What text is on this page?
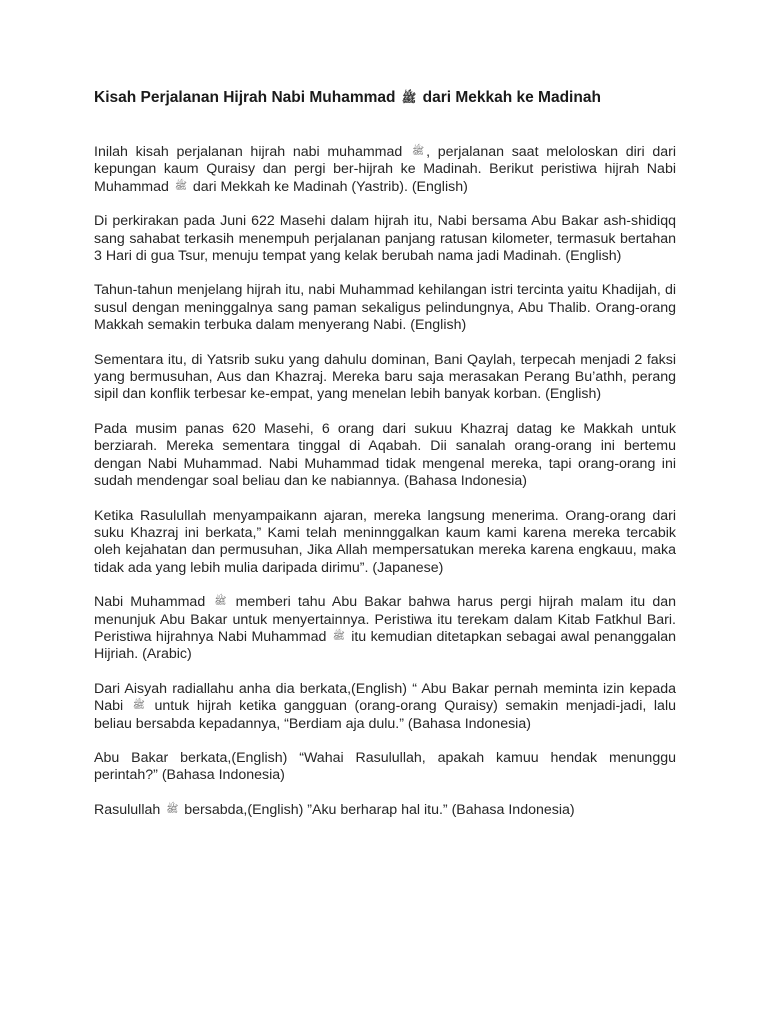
Kisah Perjalanan Hijrah Nabi Muhammad ﷺ dari Mekkah ke Madinah

Inilah kisah perjalanan hijrah nabi muhammad ﷺ , perjalanan saat meloloskan diri dari kepungan kaum Quraisy dan pergi ber-hijrah ke Madinah. Berikut peristiwa hijrah Nabi Muhammad ﷺ dari Mekkah ke Madinah (Yastrib). (English)

Di perkirakan pada Juni 622 Masehi dalam hijrah itu, Nabi bersama Abu Bakar ash-shidiqq sang sahabat terkasih menempuh perjalanan panjang ratusan kilometer, termasuk bertahan 3 Hari di gua Tsur, menuju tempat yang kelak berubah nama jadi Madinah. (English)

Tahun-tahun menjelang hijrah itu, nabi Muhammad kehilangan istri tercinta yaitu Khadijah, di susul dengan meninggalnya sang paman sekaligus pelindungnya, Abu Thalib. Orang-orang Makkah semakin terbuka dalam menyerang Nabi. (English)

Sementara itu, di Yatsrib suku yang dahulu dominan, Bani Qaylah, terpecah menjadi 2 faksi yang bermusuhan, Aus dan Khazraj. Mereka baru saja merasakan Perang Bu’athh, perang sipil dan konflik terbesar ke-empat, yang menelan lebih banyak korban. (English)

Pada musim panas 620 Masehi, 6 orang dari sukuu Khazraj datag ke Makkah untuk berziarah. Mereka sementara tinggal di Aqabah. Dii sanalah orang-orang ini bertemu dengan Nabi Muhammad. Nabi Muhammad tidak mengenal mereka, tapi orang-orang ini sudah mendengar soal beliau dan ke nabiannya. (Bahasa Indonesia)

Ketika Rasulullah menyampaikann ajaran, mereka langsung menerima. Orang-orang dari suku Khazraj ini berkata,” Kami telah meninnggalkan kaum kami karena mereka tercabik oleh kejahatan dan permusuhan, Jika Allah mempersatukan mereka karena engkauu, maka tidak ada yang lebih mulia daripada dirimu”. (Japanese)

Nabi Muhammad ﷺ memberi tahu Abu Bakar bahwa harus pergi hijrah malam itu dan menunjuk Abu Bakar untuk menyertainnya. Peristiwa itu terekam dalam Kitab Fatkhul Bari. Peristiwa hijrahnya Nabi Muhammad ﷺ itu kemudian ditetapkan sebagai awal penanggalan Hijriah. (Arabic)

Dari Aisyah radiallahu anha dia berkata,(English) “ Abu Bakar pernah meminta izin kepada Nabi ﷺ untuk hijrah ketika gangguan (orang-orang Quraisy) semakin menjadi-jadi, lalu beliau bersabda kepadannya, “Berdiam aja dulu.” (Bahasa Indonesia)

Abu Bakar berkata,(English) “Wahai Rasulullah, apakah kamuu hendak menunggu perintah?” (Bahasa Indonesia)

Rasulullah ﷺ bersabda,(English) ”Aku berharap hal itu.” (Bahasa Indonesia)
